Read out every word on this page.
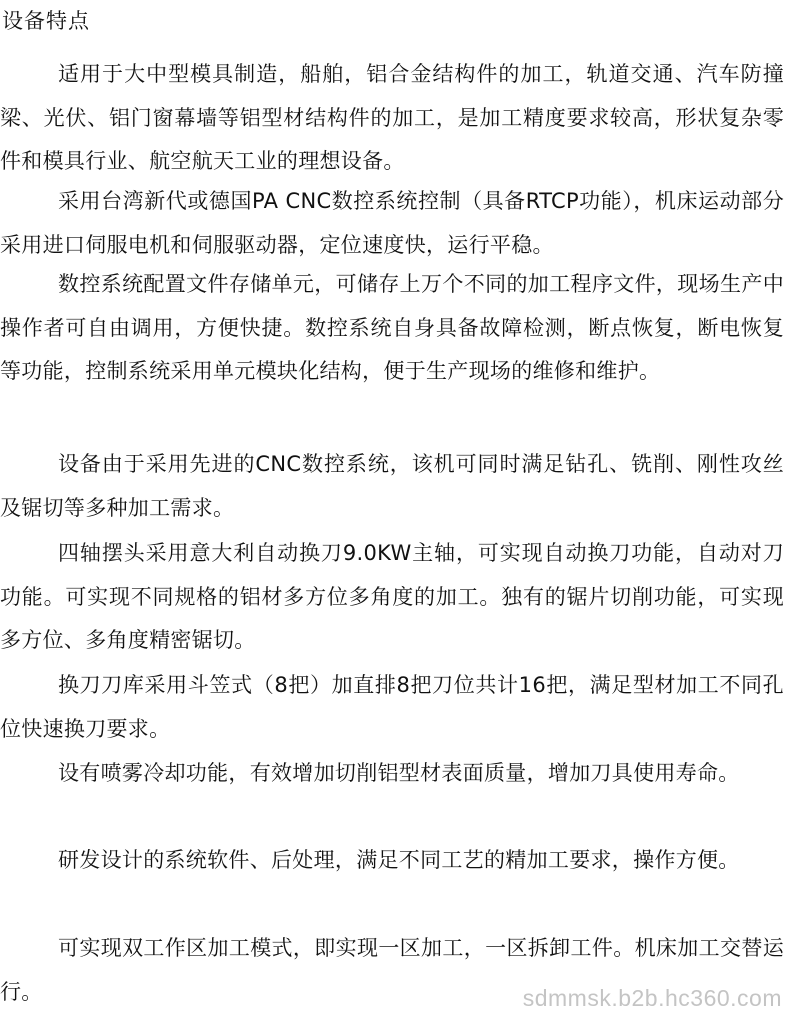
设备特点

适用于大中型模具制造，船舶，铝合金结构件的加工，轨道交通、汽车防撞梁、光伏、铝门窗幕墙等铝型材结构件的加工，是加工精度要求较高，形状复杂零件和模具行业、航空航天工业的理想设备。

采用台湾新代或德国PA CNC数控系统控制（具备RTCP功能），机床运动部分采用进口伺服电机和伺服驱动器，定位速度快，运行平稳。

数控系统配置文件存储单元，可储存上万个不同的加工程序文件，现场生产中操作者可自由调用，方便快捷。数控系统自身具备故障检测，断点恢复，断电恢复等功能，控制系统采用单元模块化结构，便于生产现场的维修和维护。

设备由于采用先进的CNC数控系统，该机可同时满足钻孔、铣削、刚性攻丝及锯切等多种加工需求。

四轴摆头采用意大利自动换刀9.0KW主轴，可实现自动换刀功能，自动对刀功能。可实现不同规格的铝材多方位多角度的加工。独有的锯片切削功能，可实现多方位、多角度精密锯切。

换刀刀库采用斗笠式（8把）加直排8把刀位共计16把，满足型材加工不同孔位快速换刀要求。

设有喷雾冷却功能，有效增加切削铝型材表面质量，增加刀具使用寿命。

研发设计的系统软件、后处理，满足不同工艺的精加工要求，操作方便。

可实现双工作区加工模式，即实现一区加工，一区拆卸工件。机床加工交替运行。	sdmmsk.b2b.hc360.com
